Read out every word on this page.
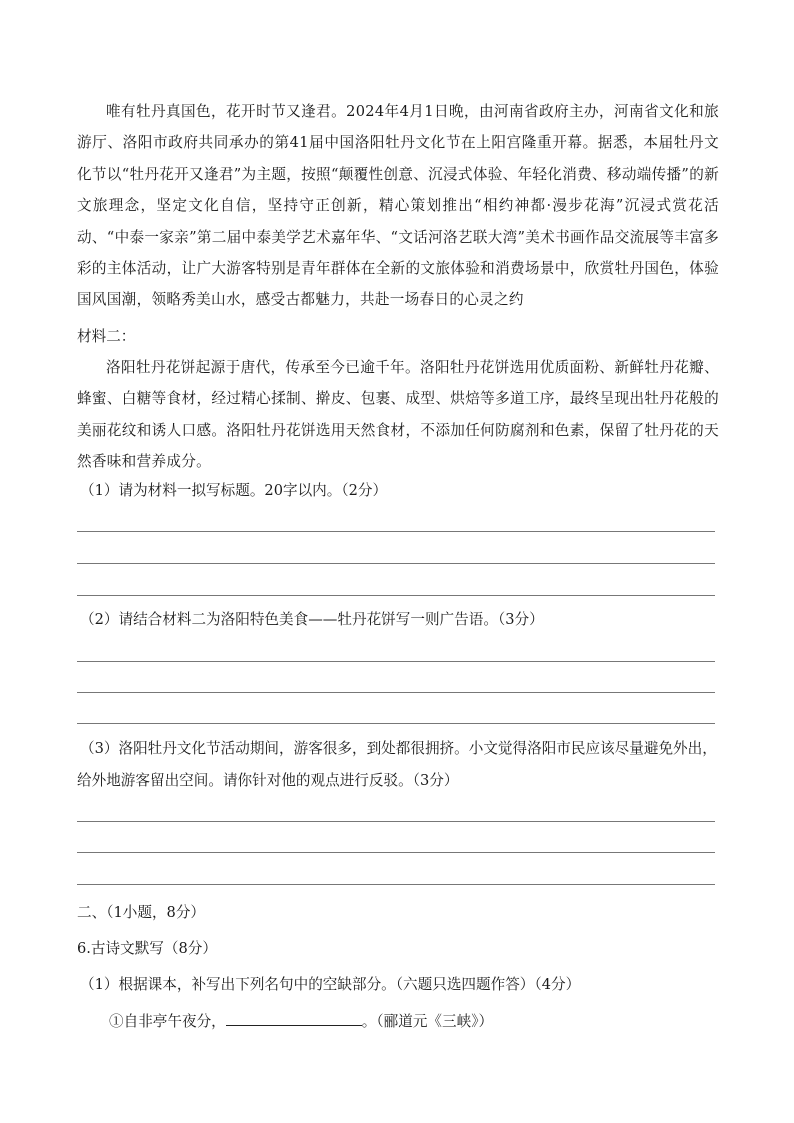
唯有牡丹真国色，花开时节又逢君。2024年4月1日晚，由河南省政府主办，河南省文化和旅游厅、洛阳市政府共同承办的第41届中国洛阳牡丹文化节在上阳宫隆重开幕。据悉，本届牡丹文化节以“牡丹花开又逢君”为主题，按照“颠覆性创意、沉浸式体验、年轻化消费、移动端传播”的新文旅理念，坚定文化自信，坚持守正创新，精心策划推出“相约神都·漫步花海”沉浸式赏花活动、“中泰一家亲”第二届中泰美学艺术嘉年华、“文话河洛艺联大湾”美术书画作品交流展等丰富多彩的主体活动，让广大游客特别是青年群体在全新的文旅体验和消费场景中，欣赏牡丹国色，体验国风国潮，领略秀美山水，感受古都魅力，共赴一场春日的心灵之约
材料二：
洛阳牡丹花饼起源于唐代，传承至今已逾千年。洛阳牡丹花饼选用优质面粉、新鲜牡丹花瓣、蜂蜜、白糖等食材，经过精心揉制、擀皮、包裹、成型、烘焙等多道工序，最终呈现出牡丹花般的美丽花纹和诱人口感。洛阳牡丹花饼选用天然食材，不添加任何防腐剂和色素，保留了牡丹花的天然香味和营养成分。
（1）请为材料一拟写标题。20字以内。（2分）
（2）请结合材料二为洛阳特色美食——牡丹花饼写一则广告语。（3分）
（3）洛阳牡丹文化节活动期间，游客很多，到处都很拥挤。小文觉得洛阳市民应该尽量避免外出，
给外地游客留出空间。请你针对他的观点进行反驳。（3分）
二、（1小题，8分）
6.古诗文默写（8分）
（1）根据课本，补写出下列名句中的空缺部分。（六题只选四题作答）（4分）
①自非亭午夜分，	。（郦道元《三峡》）
